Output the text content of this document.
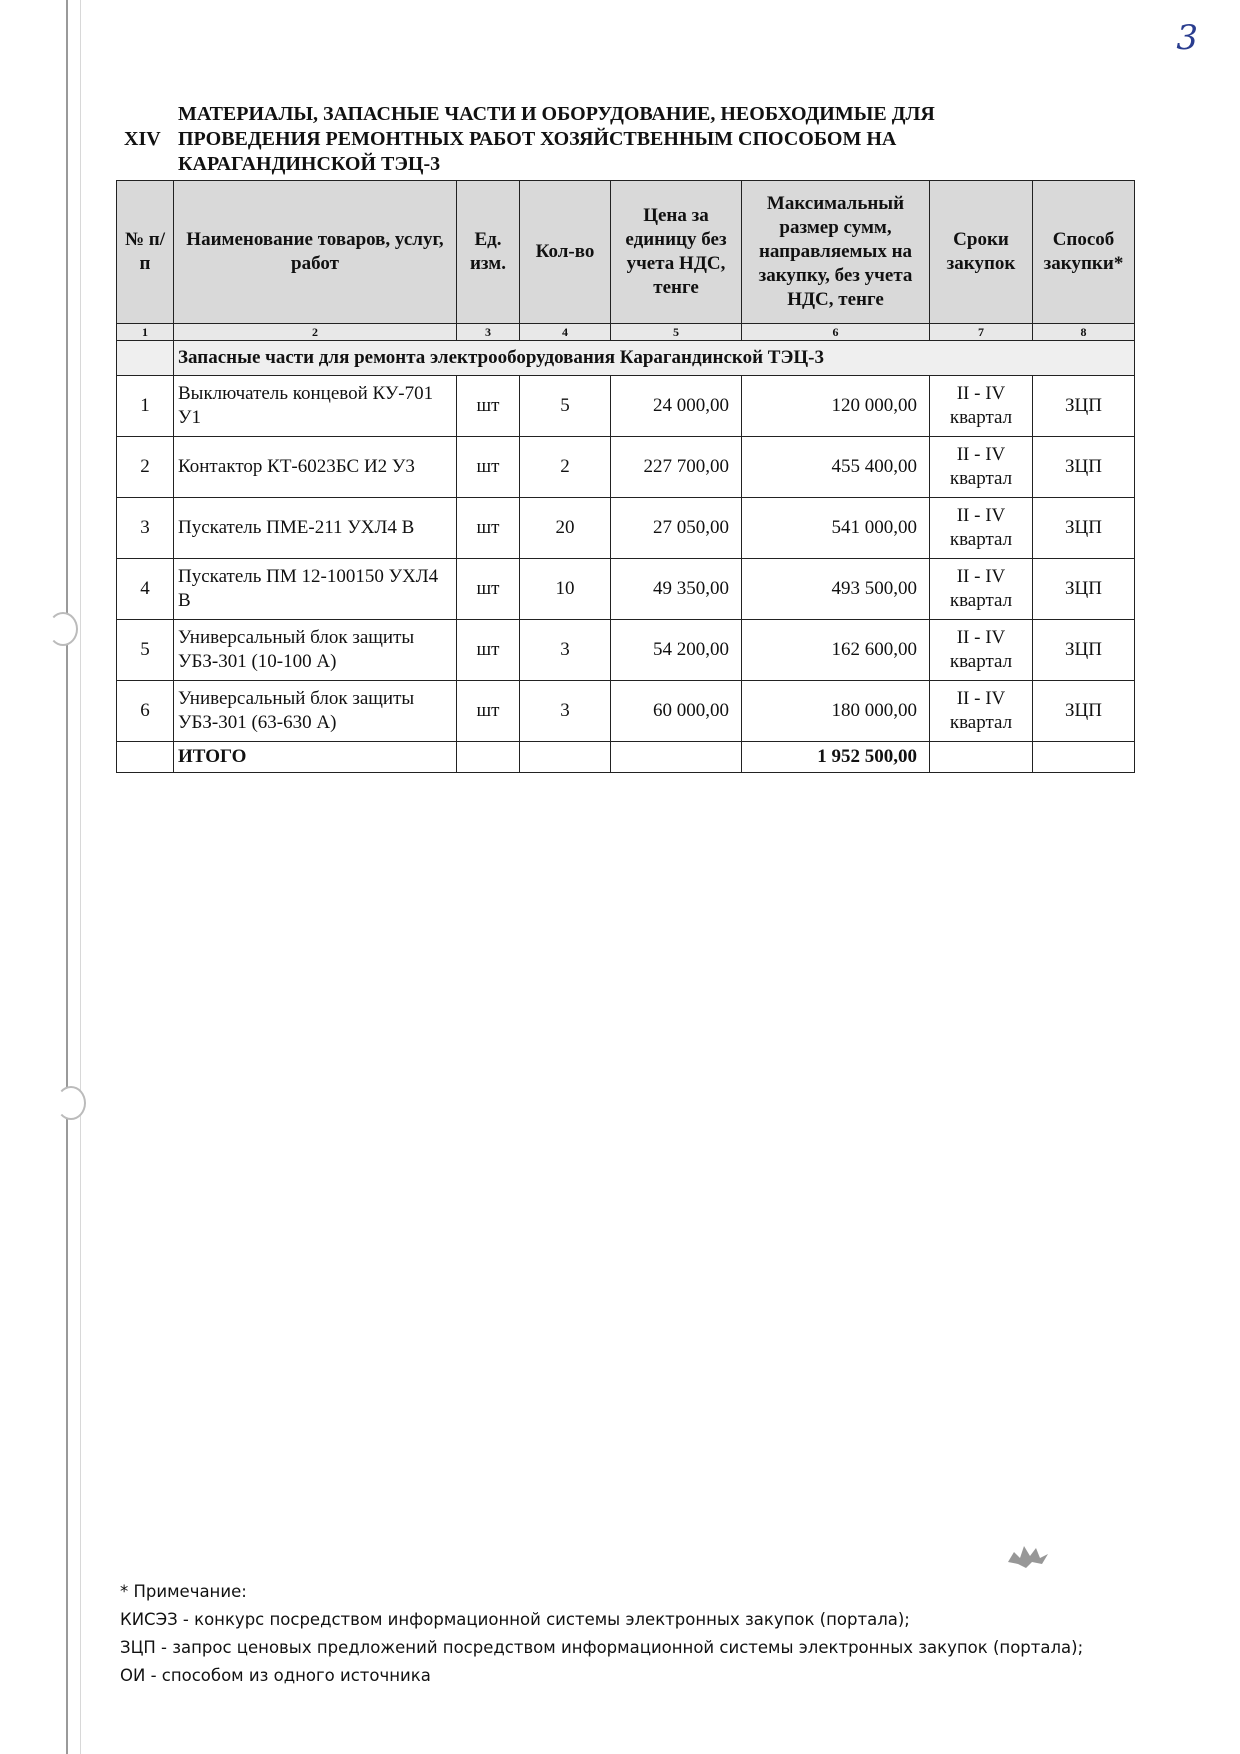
3
XIV
МАТЕРИАЛЫ, ЗАПАСНЫЕ ЧАСТИ И ОБОРУДОВАНИЕ, НЕОБХОДИМЫЕ ДЛЯ ПРОВЕДЕНИЯ РЕМОНТНЫХ РАБОТ ХОЗЯЙСТВЕННЫМ СПОСОБОМ НА КАРАГАНДИНСКОЙ ТЭЦ-3
№ п/п	Наименование товаров, услуг, работ	Ед. изм.	Кол-во	Цена за единицу без учета НДС, тенге	Максимальный размер сумм, направляемых на закупку, без учета НДС, тенге	Сроки закупок	Способ закупки*
1	2	3	4	5	6	7	8
	Запасные части для ремонта электрооборудования Карагандинской ТЭЦ-3						
1	Выключатель концевой КУ-701 У1	шт	5	24 000,00	120 000,00	II - IV квартал	ЗЦП
2	Контактор КТ-6023БС И2 У3	шт	2	227 700,00	455 400,00	II - IV квартал	ЗЦП
3	Пускатель ПМЕ-211 УХЛ4 В	шт	20	27 050,00	541 000,00	II - IV квартал	ЗЦП
4	Пускатель ПМ 12-100150 УХЛ4 В	шт	10	49 350,00	493 500,00	II - IV квартал	ЗЦП
5	Универсальный блок защиты УБЗ-301 (10-100 А)	шт	3	54 200,00	162 600,00	II - IV квартал	ЗЦП
6	Универсальный блок защиты УБЗ-301 (63-630 А)	шт	3	60 000,00	180 000,00	II - IV квартал	ЗЦП
	ИТОГО				1 952 500,00		
* Примечание:
КИСЭЗ - конкурс посредством информационной системы электронных закупок (портала);
ЗЦП - запрос ценовых предложений посредством информационной системы электронных закупок (портала);
ОИ - способом из одного источника
